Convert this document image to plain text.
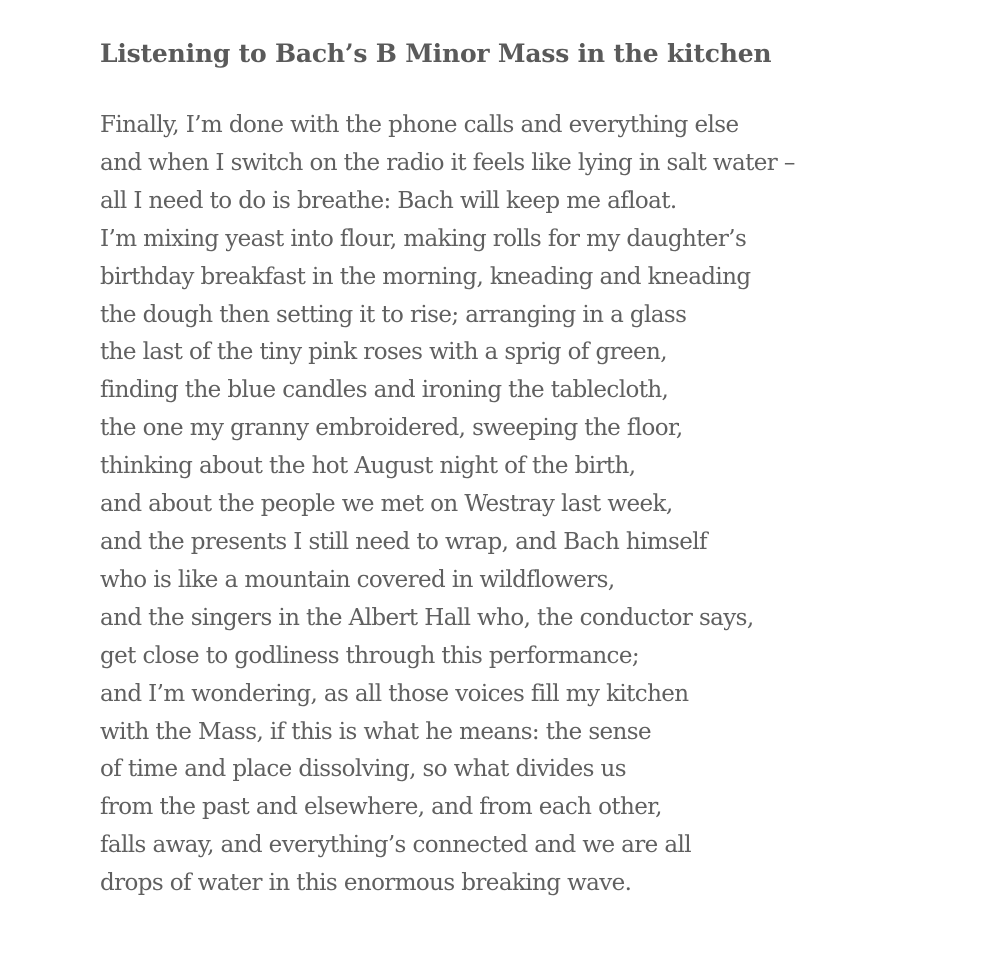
Listening to Bach’s B Minor Mass in the kitchen
Finally, I’m done with the phone calls and everything else
and when I switch on the radio it feels like lying in salt water –
all I need to do is breathe: Bach will keep me afloat.
I’m mixing yeast into flour, making rolls for my daughter’s
birthday breakfast in the morning, kneading and kneading
the dough then setting it to rise; arranging in a glass
the last of the tiny pink roses with a sprig of green,
finding the blue candles and ironing the tablecloth,
the one my granny embroidered, sweeping the floor,
thinking about the hot August night of the birth,
and about the people we met on Westray last week,
and the presents I still need to wrap, and Bach himself
who is like a mountain covered in wildflowers,
and the singers in the Albert Hall who, the conductor says,
get close to godliness through this performance;
and I’m wondering, as all those voices fill my kitchen
with the Mass, if this is what he means: the sense
of time and place dissolving, so what divides us
from the past and elsewhere, and from each other,
falls away, and everything’s connected and we are all
drops of water in this enormous breaking wave.
